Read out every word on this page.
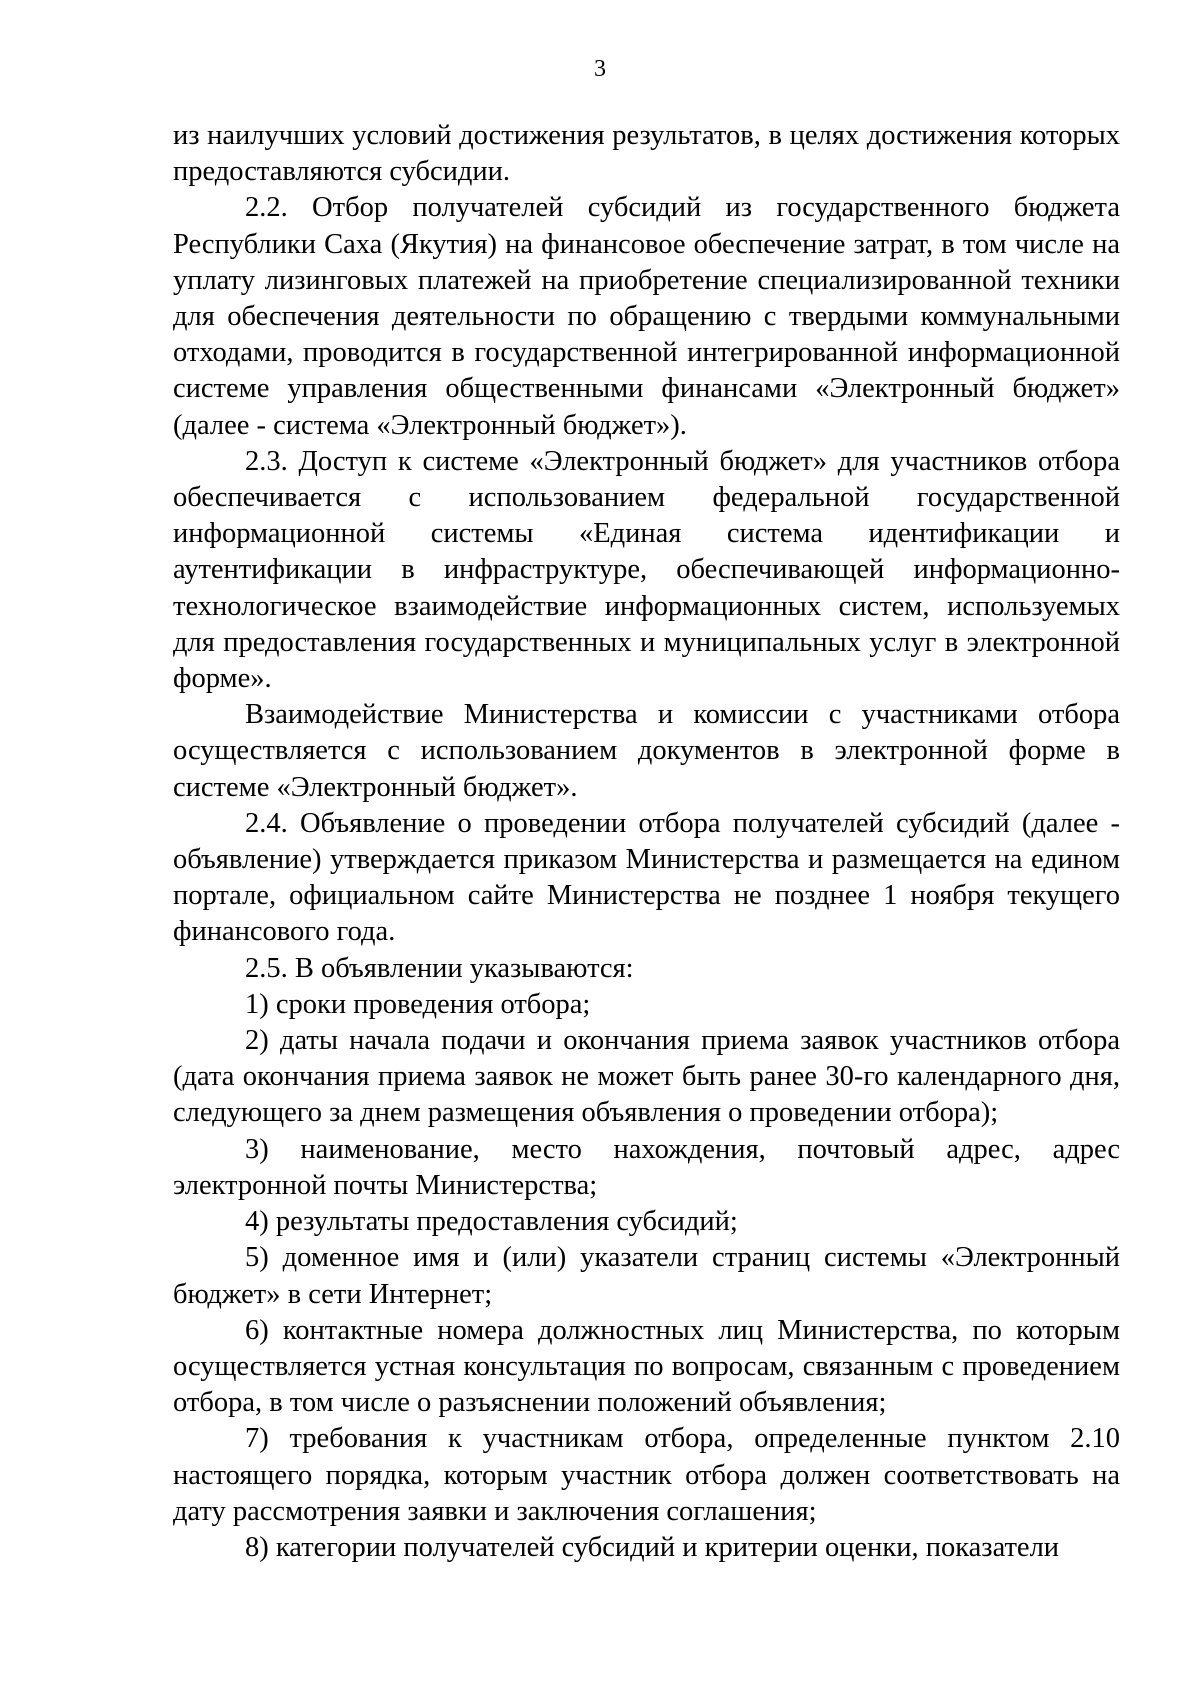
3

из наилучших условий достижения результатов, в целях достижения которых предоставляются субсидии.

2.2. Отбор получателей субсидий из государственного бюджета Республики Саха (Якутия) на финансовое обеспечение затрат, в том числе на уплату лизинговых платежей на приобретение специализированной техники для обеспечения деятельности по обращению с твердыми коммунальными отходами, проводится в государственной интегрированной информационной системе управления общественными финансами «Электронный бюджет» (далее - система «Электронный бюджет»).

2.3. Доступ к системе «Электронный бюджет» для участников отбора обеспечивается с использованием федеральной государственной информационной системы «Единая система идентификации и аутентификации в инфраструктуре, обеспечивающей информационно-технологическое взаимодействие информационных систем, используемых для предоставления государственных и муниципальных услуг в электронной форме».

Взаимодействие Министерства и комиссии с участниками отбора осуществляется с использованием документов в электронной форме в системе «Электронный бюджет».

2.4. Объявление о проведении отбора получателей субсидий (далее - объявление) утверждается приказом Министерства и размещается на едином портале, официальном сайте Министерства не позднее 1 ноября текущего финансового года.

2.5. В объявлении указываются:

1) сроки проведения отбора;

2) даты начала подачи и окончания приема заявок участников отбора (дата окончания приема заявок не может быть ранее 30-го календарного дня, следующего за днем размещения объявления о проведении отбора);

3) наименование, место нахождения, почтовый адрес, адрес электронной почты Министерства;

4) результаты предоставления субсидий;

5) доменное имя и (или) указатели страниц системы «Электронный бюджет» в сети Интернет;

6) контактные номера должностных лиц Министерства, по которым осуществляется устная консультация по вопросам, связанным с проведением отбора, в том числе о разъяснении положений объявления;

7) требования к участникам отбора, определенные пунктом 2.10 настоящего порядка, которым участник отбора должен соответствовать на дату рассмотрения заявки и заключения соглашения;

8) категории получателей субсидий и критерии оценки, показатели
